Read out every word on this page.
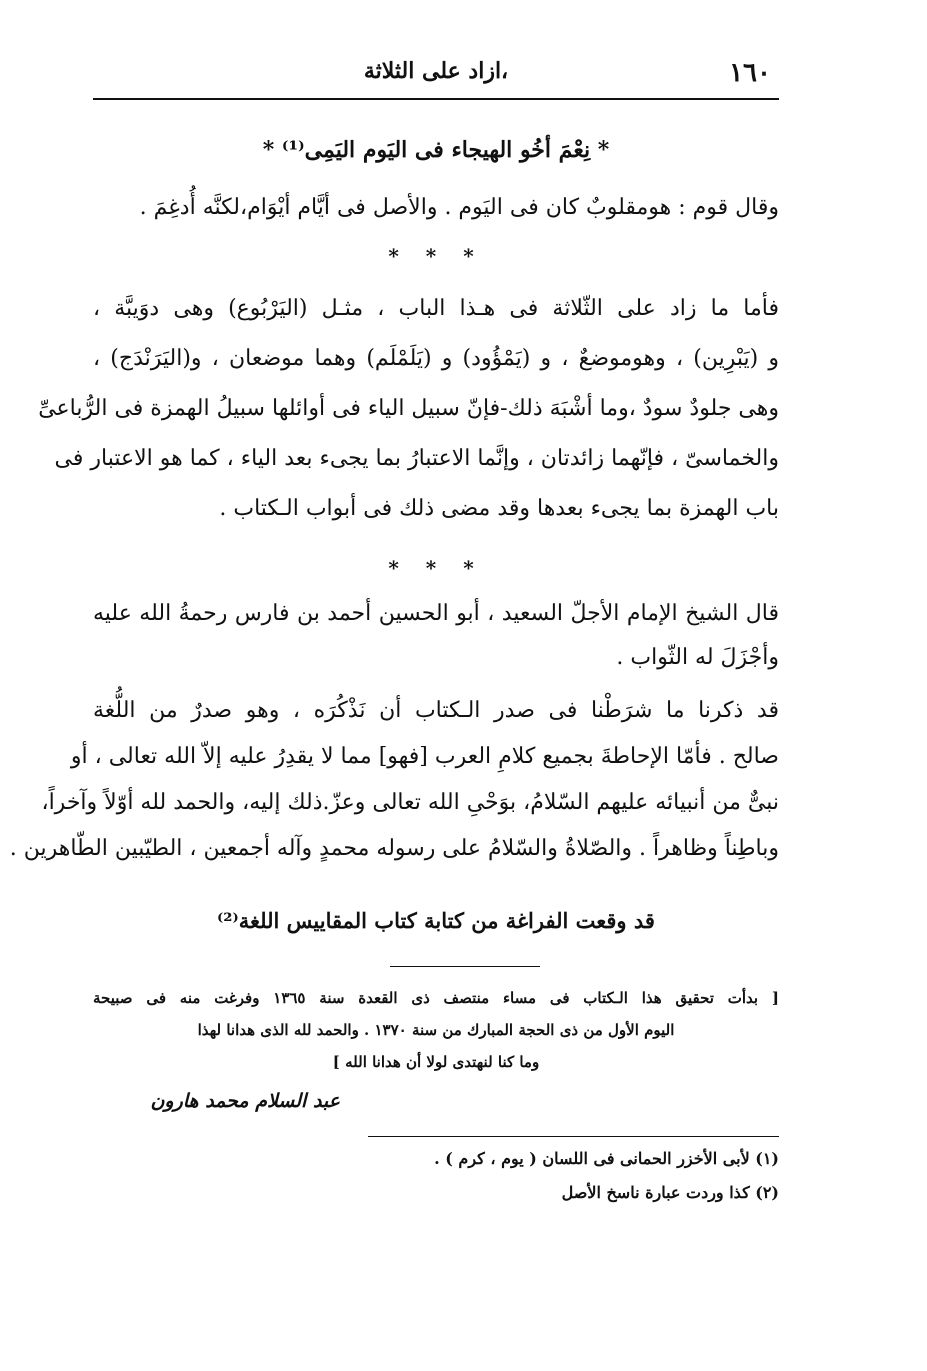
١٦٠
،ازاد على الثلاثة
* نِعْمَ أخُو الهيجاء فى اليَوم اليَمِى⁽¹⁾ *
وقال قوم : هومقلوبٌ كان فى اليَوم . والأصل فى أيَّام أيْوَام،لكنَّه أُدغِمَ .
* * *
فأما ما زاد على الثّلاثة فى هـذا الباب ، مثـل (اليَرْبُوع) وهى دوَيبَّة ،
و (يَبْرِين) ، وهوموضعٌ ، و (يَمْؤُود) و (يَلَمْلَم) وهما موضعان ، و(اليَرَنْدَج) ،
وهى جلودٌ سودٌ ،وما أشْبَهَ ذلك-فإنّ سبيل الياء فى أوائلها سبيلُ الهمزة فى الرُّباعىِّ
والخماسىّ ، فإنّهما زائدتان ، وإنَّما الاعتبارُ بما يجىء بعد الياء ، كما هو الاعتبار فى
باب الهمزة بما يجىء بعدها وقد مضى ذلك فى أبواب الـكتاب .
* * *
قال الشيخ الإمام الأجلّ السعيد ، أبو الحسين أحمد بن فارس رحمةُ الله عليه
وأجْزَلَ له الثّواب .
قد ذكرنا ما شرَطْنا فى صدر الـكتاب أن نَذْكُرَه ، وهو صدرٌ من اللُّغة
صالح . فأمّا الإحاطةَ بجميع كلامِ العرب [فهو] مما لا يقدِرُ عليه إلاّ الله تعالى ، أو
نبىٌّ من أنبيائه عليهم السّلامُ، بوَحْىِ الله تعالى وعزّ.ذلك إليه، والحمد لله أوّلاً وآخراً،
وباطِناً وظاهراً . والصّلاةُ والسّلامُ على رسوله محمدٍ وآله أجمعين ، الطيّبين الطّاهرين .
قد وقعت الفراغة من كتابة كتاب المقاييس اللغة⁽²⁾
[ بدأت تحقيق هذا الـكتاب فى مساء منتصف ذى القعدة سنة ١٣٦٥ وفرغت منه فى صبيحة
اليوم الأول من ذى الحجة المبارك من سنة ١٣٧٠ . والحمد لله الذى هدانا لهذا
وما كنا لنهتدى لولا أن هدانا الله ]
عبد السلام محمد هارون
(١) لأبى الأخزر الحمانى فى اللسان ( يوم ، كرم ) .
(٢) كذا وردت عبارة ناسخ الأصل
